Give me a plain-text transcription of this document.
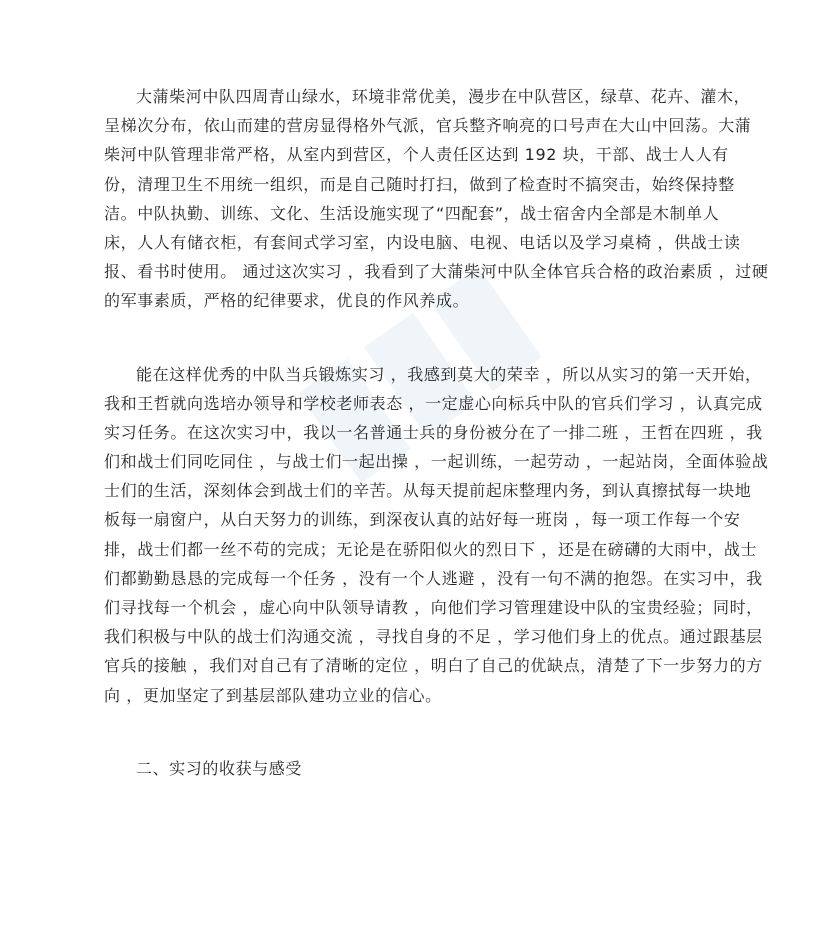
大蒲柴河中队四周青山绿水，环境非常优美，漫步在中队营区，绿草、花卉、灌木，
呈梯次分布，依山而建的营房显得格外气派，官兵整齐响亮的口号声在大山中回荡。大蒲
柴河中队管理非常严格，从室内到营区，个人责任区达到 192 块，干部、战士人人有
份，清理卫生不用统一组织，而是自己随时打扫，做到了检查时不搞突击，始终保持整
洁。中队执勤、训练、文化、生活设施实现了“四配套”，战士宿舍内全部是木制单人
床，人人有储衣柜，有套间式学习室，内设电脑、电视、电话以及学习桌椅 ，供战士读
报、看书时使用。 通过这次实习 ，我看到了大蒲柴河中队全体官兵合格的政治素质 ，过硬
的军事素质，严格的纪律要求，优良的作风养成。
能在这样优秀的中队当兵锻炼实习 ，我感到莫大的荣幸 ，所以从实习的第一天开始，
我和王哲就向选培办领导和学校老师表态 ，一定虚心向标兵中队的官兵们学习 ，认真完成
实习任务。在这次实习中，我以一名普通士兵的身份被分在了一排二班 ，王哲在四班 ，我
们和战士们同吃同住 ，与战士们一起出操 ，一起训练，一起劳动 ，一起站岗，全面体验战
士们的生活，深刻体会到战士们的辛苦。从每天提前起床整理内务，到认真擦拭每一块地
板每一扇窗户，从白天努力的训练，到深夜认真的站好每一班岗 ，每一项工作每一个安
排，战士们都一丝不苟的完成；无论是在骄阳似火的烈日下 ，还是在磅礴的大雨中，战士
们都勤勤恳恳的完成每一个任务 ，没有一个人逃避 ，没有一句不满的抱怨。在实习中，我
们寻找每一个机会 ，虚心向中队领导请教 ，向他们学习管理建设中队的宝贵经验；同时，
我们积极与中队的战士们沟通交流 ，寻找自身的不足 ，学习他们身上的优点。通过跟基层
官兵的接触 ，我们对自己有了清晰的定位 ，明白了自己的优缺点，清楚了下一步努力的方
向 ，更加坚定了到基层部队建功立业的信心。
二、实习的收获与感受
